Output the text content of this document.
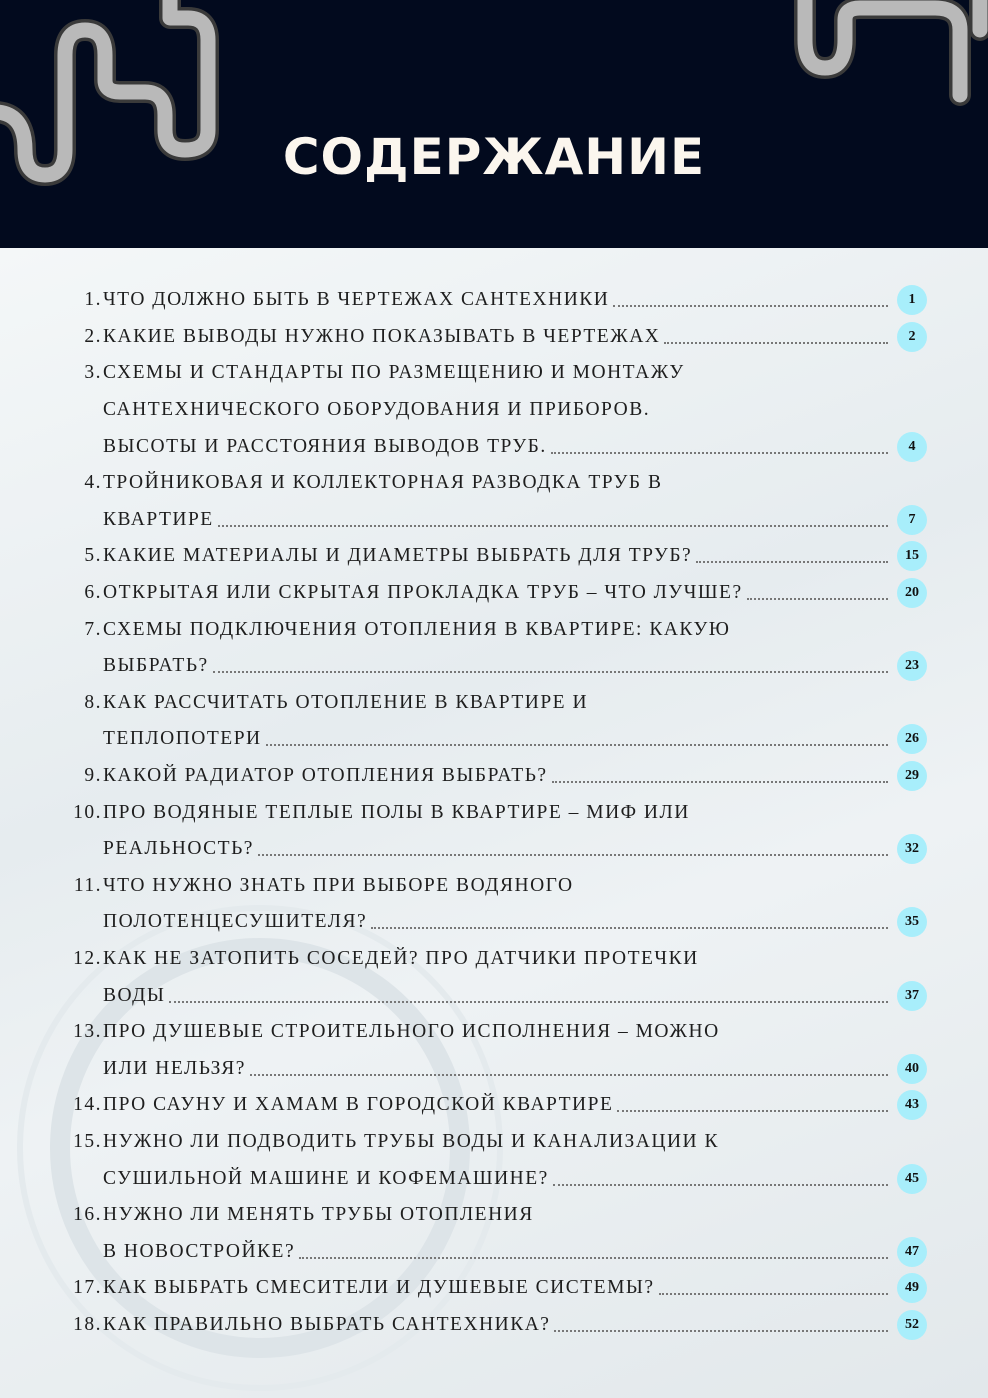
СОДЕРЖАНИЕ
1. ЧТО ДОЛЖНО БЫТЬ В ЧЕРТЕЖАХ САНТЕХНИКИ	1
2. КАКИЕ ВЫВОДЫ НУЖНО ПОКАЗЫВАТЬ В ЧЕРТЕЖАХ	2
3. СХЕМЫ И СТАНДАРТЫ ПО РАЗМЕЩЕНИЮ И МОНТАЖУ
САНТЕХНИЧЕСКОГО ОБОРУДОВАНИЯ И ПРИБОРОВ.
ВЫСОТЫ И РАССТОЯНИЯ ВЫВОДОВ ТРУБ.	4
4. ТРОЙНИКОВАЯ И КОЛЛЕКТОРНАЯ РАЗВОДКА ТРУБ В
КВАРТИРЕ	7
5. КАКИЕ МАТЕРИАЛЫ И ДИАМЕТРЫ ВЫБРАТЬ ДЛЯ ТРУБ?	15
6. ОТКРЫТАЯ ИЛИ СКРЫТАЯ ПРОКЛАДКА ТРУБ – ЧТО ЛУЧШЕ?	20
7. СХЕМЫ ПОДКЛЮЧЕНИЯ ОТОПЛЕНИЯ В КВАРТИРЕ: КАКУЮ
ВЫБРАТЬ?	23
8. КАК РАССЧИТАТЬ ОТОПЛЕНИЕ В КВАРТИРЕ И
ТЕПЛОПОТЕРИ	26
9. КАКОЙ РАДИАТОР ОТОПЛЕНИЯ ВЫБРАТЬ?	29
10. ПРО ВОДЯНЫЕ ТЕПЛЫЕ ПОЛЫ В КВАРТИРЕ – МИФ ИЛИ
РЕАЛЬНОСТЬ?	32
11. ЧТО НУЖНО ЗНАТЬ ПРИ ВЫБОРЕ ВОДЯНОГО
ПОЛОТЕНЦЕСУШИТЕЛЯ?	35
12. КАК НЕ ЗАТОПИТЬ СОСЕДЕЙ? ПРО ДАТЧИКИ ПРОТЕЧКИ
ВОДЫ	37
13. ПРО ДУШЕВЫЕ СТРОИТЕЛЬНОГО ИСПОЛНЕНИЯ – МОЖНО
ИЛИ НЕЛЬЗЯ?	40
14. ПРО САУНУ И ХАМАМ В ГОРОДСКОЙ КВАРТИРЕ	43
15. НУЖНО ЛИ ПОДВОДИТЬ ТРУБЫ ВОДЫ И КАНАЛИЗАЦИИ К
СУШИЛЬНОЙ МАШИНЕ И КОФЕМАШИНЕ?	45
16. НУЖНО ЛИ МЕНЯТЬ ТРУБЫ ОТОПЛЕНИЯ
В НОВОСТРОЙКЕ?	47
17. КАК ВЫБРАТЬ СМЕСИТЕЛИ И ДУШЕВЫЕ СИСТЕМЫ?	49
18. КАК ПРАВИЛЬНО ВЫБРАТЬ САНТЕХНИКА?	52
